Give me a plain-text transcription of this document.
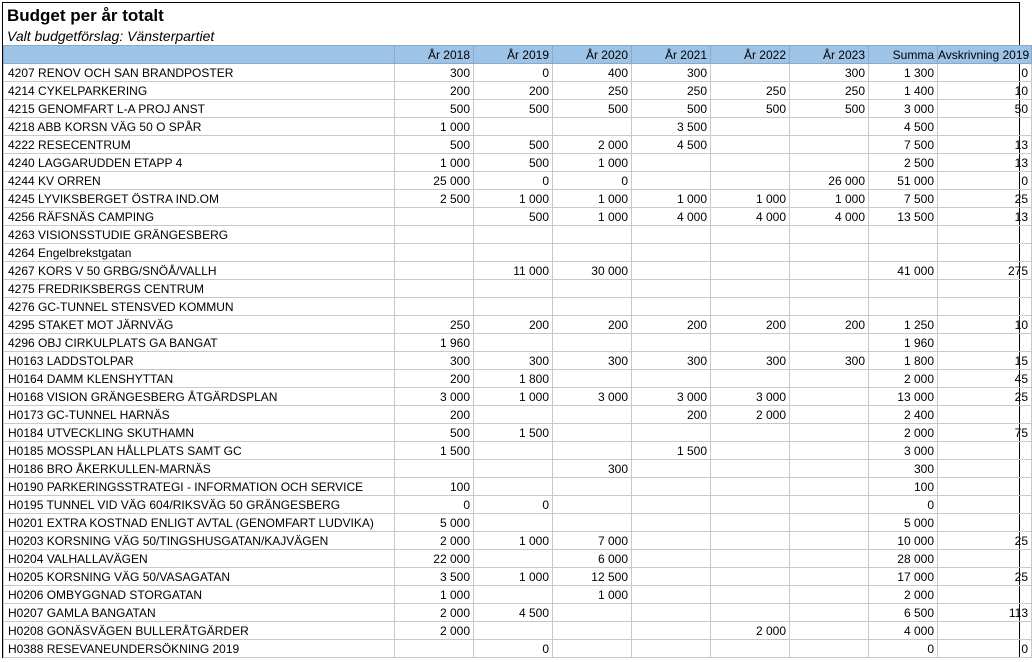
Budget per år totalt
Valt budgetförslag: Vänsterpartiet
	År 2018	År 2019	År 2020	År 2021	År 2022	År 2023	Summa	Avskrivning 2019
4207 RENOV OCH SAN BRANDPOSTER	300	0	400	300		300	1 300	0
4214 CYKELPARKERING	200	200	250	250	250	250	1 400	10
4215 GENOMFART L-A PROJ ANST	500	500	500	500	500	500	3 000	50
4218 ABB KORSN VÄG 50 O SPÅR	1 000			3 500			4 500	
4222 RESECENTRUM	500	500	2 000	4 500			7 500	13
4240 LAGGARUDDEN ETAPP 4	1 000	500	1 000				2 500	13
4244 KV ORREN	25 000	0	0			26 000	51 000	0
4245 LYVIKSBERGET ÖSTRA IND.OM	2 500	1 000	1 000	1 000	1 000	1 000	7 500	25
4256 RÄFSNÄS CAMPING		500	1 000	4 000	4 000	4 000	13 500	13
4263 VISIONSSTUDIE GRÄNGESBERG								
4264 Engelbrekstgatan								
4267 KORS V 50 GRBG/SNÖÅ/VALLH		11 000	30 000				41 000	275
4275 FREDRIKSBERGS CENTRUM								
4276 GC-TUNNEL STENSVED KOMMUN								
4295 STAKET MOT JÄRNVÄG	250	200	200	200	200	200	1 250	10
4296 OBJ CIRKULPLATS GA BANGAT	1 960						1 960	
H0163 LADDSTOLPAR	300	300	300	300	300	300	1 800	15
H0164 DAMM KLENSHYTTAN	200	1 800					2 000	45
H0168 VISION GRÄNGESBERG ÅTGÄRDSPLAN	3 000	1 000	3 000	3 000	3 000		13 000	25
H0173 GC-TUNNEL HARNÄS	200			200	2 000		2 400	
H0184 UTVECKLING SKUTHAMN	500	1 500					2 000	75
H0185 MOSSPLAN HÅLLPLATS SAMT GC	1 500			1 500			3 000	
H0186 BRO ÅKERKULLEN-MARNÄS			300				300	
H0190 PARKERINGSSTRATEGI - INFORMATION OCH SERVICE	100						100	
H0195 TUNNEL VID VÄG 604/RIKSVÄG 50 GRÄNGESBERG	0	0					0	
H0201 EXTRA KOSTNAD ENLIGT AVTAL (GENOMFART LUDVIKA)	5 000						5 000	
H0203 KORSNING VÄG 50/TINGSHUSGATAN/KAJVÄGEN	2 000	1 000	7 000				10 000	25
H0204 VALHALLAVÄGEN	22 000		6 000				28 000	
H0205 KORSNING VÄG 50/VASAGATAN	3 500	1 000	12 500				17 000	25
H0206 OMBYGGNAD STORGATAN	1 000		1 000				2 000	
H0207 GAMLA BANGATAN	2 000	4 500					6 500	113
H0208 GONÄSVÄGEN BULLERÅTGÄRDER	2 000				2 000		4 000	
H0388 RESEVANEUNDERSÖKNING 2019		0					0	0
